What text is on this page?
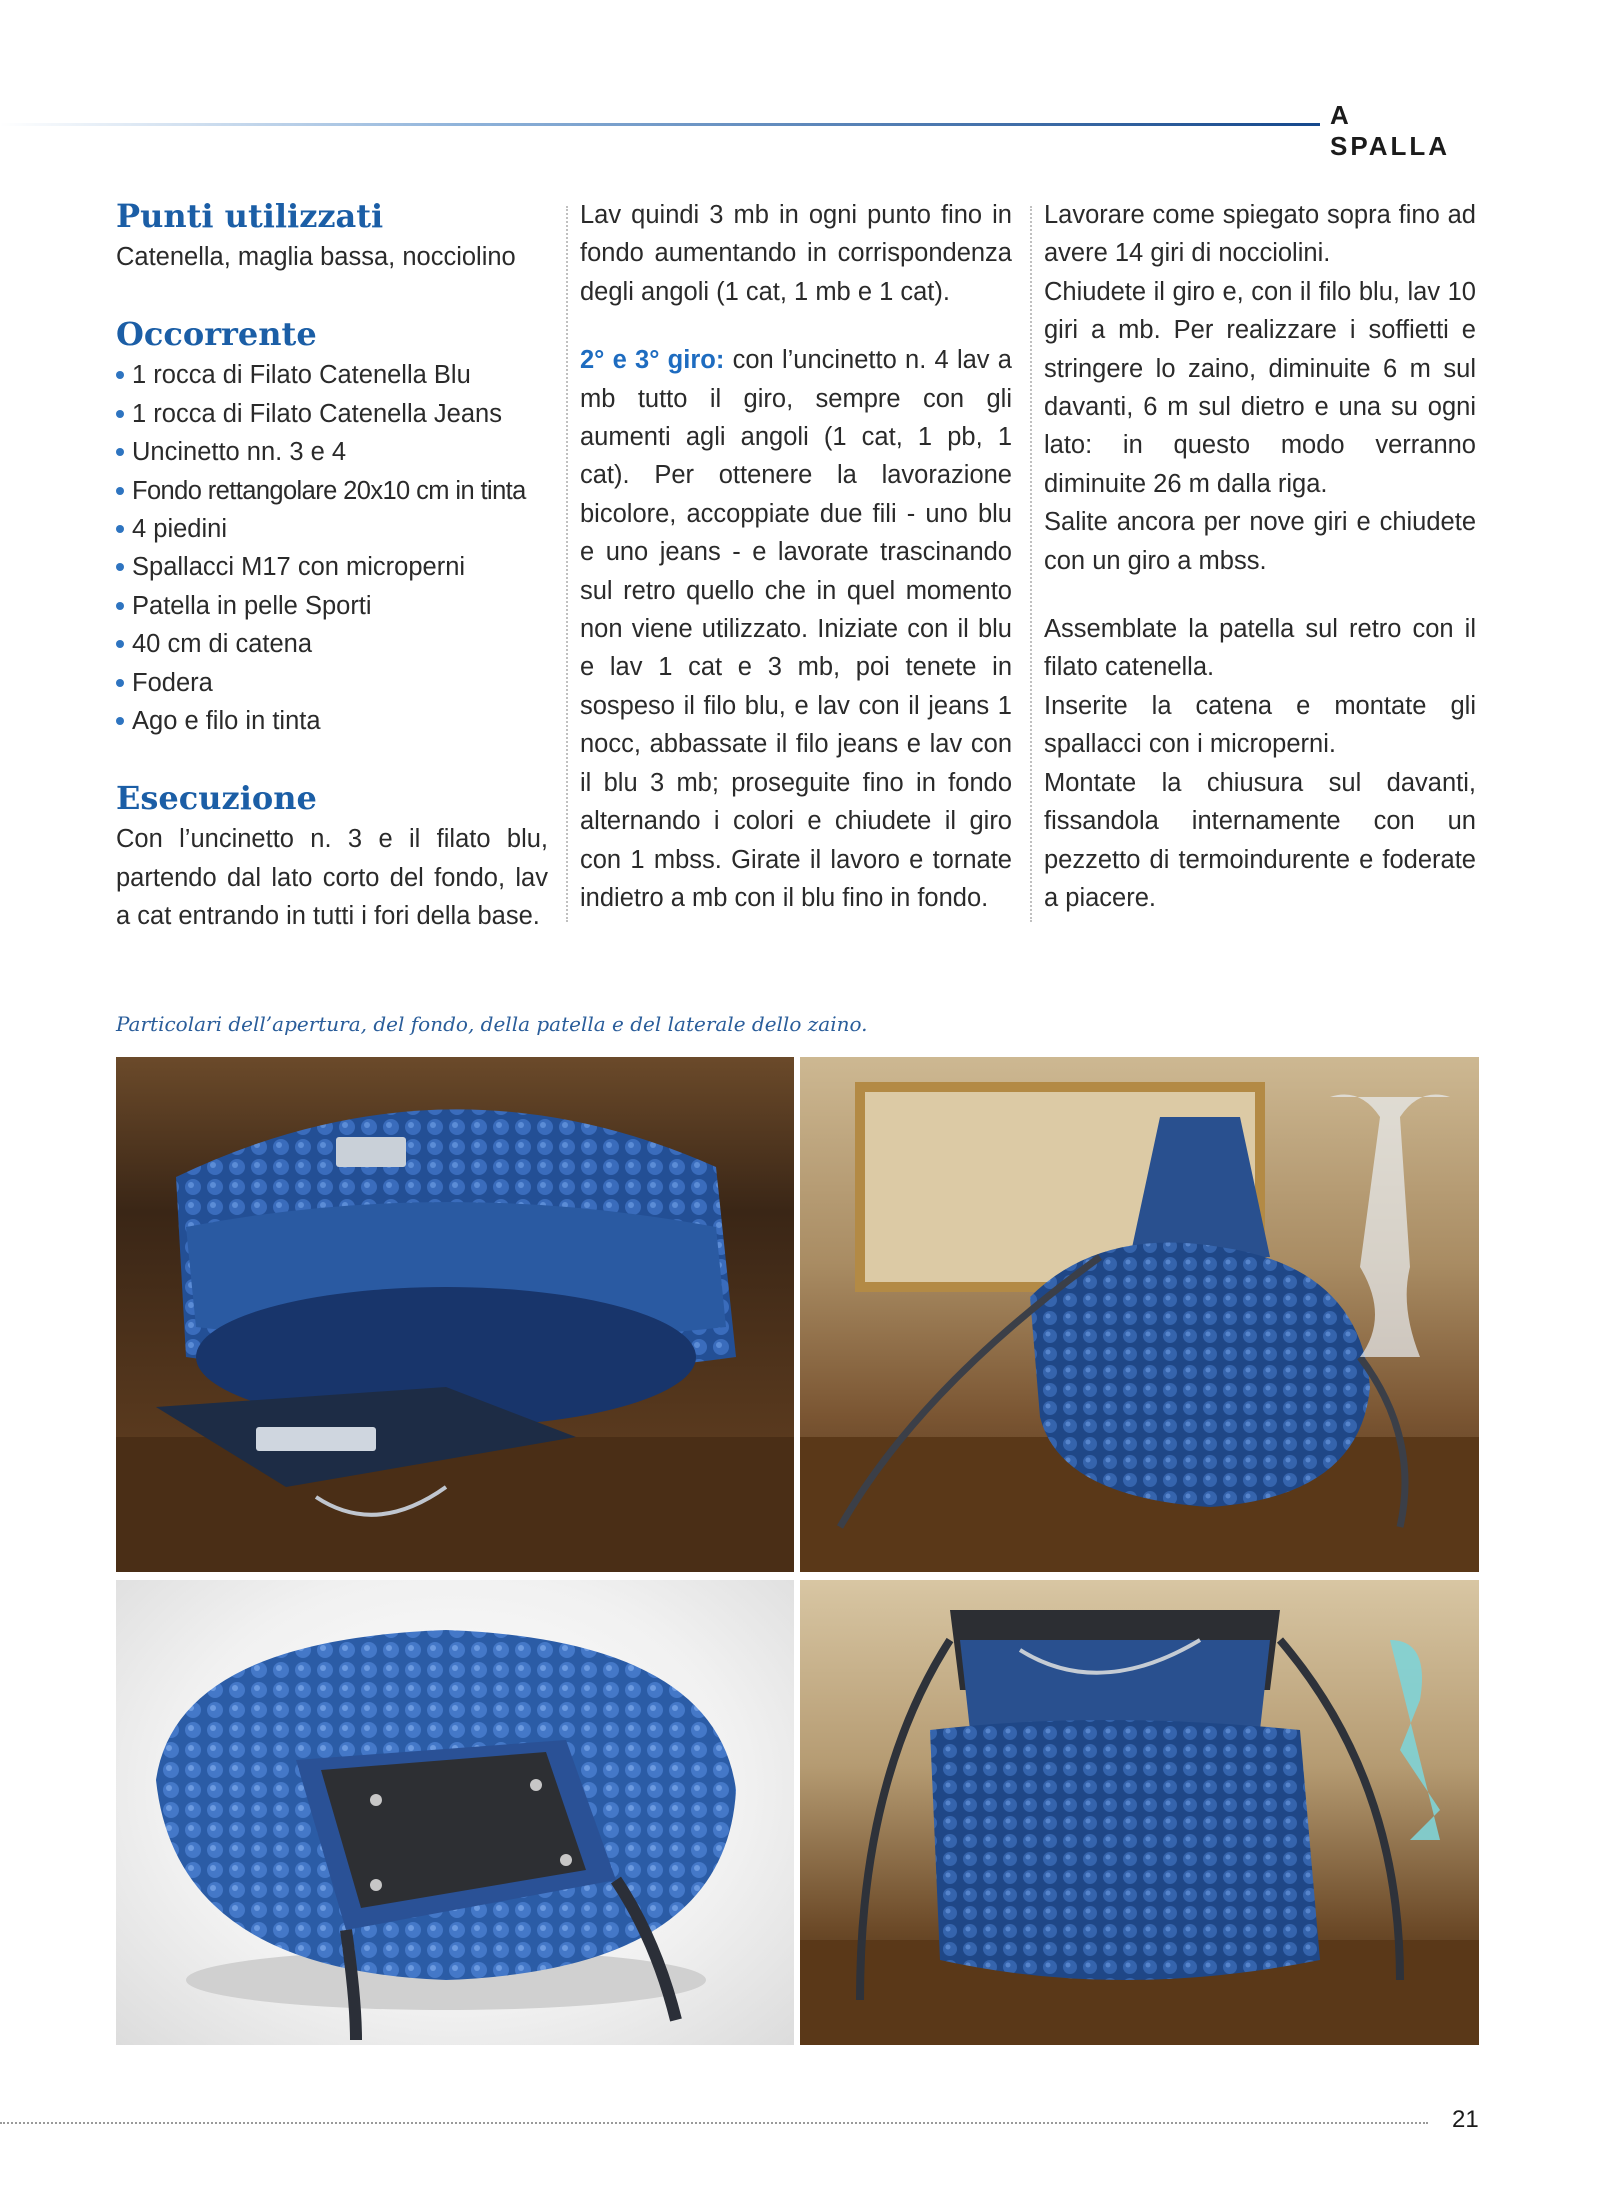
A SPALLA
Punti utilizzati

Catenella, maglia bassa, nocciolino

Occorrente
1 rocca di Filato Catenella Blu
1 rocca di Filato Catenella Jeans
Uncinetto nn. 3 e 4
Fondo rettangolare 20x10 cm in tinta
4 piedini
Spallacci M17 con microperni
Patella in pelle Sporti
40 cm di catena
Fodera
Ago e filo in tinta
Esecuzione

Con l’uncinetto n. 3 e il filato blu, partendo dal lato corto del fondo, lav a cat entrando in tutti i fori della base.

Lav quindi 3 mb in ogni punto fino in fondo aumentando in corrispondenza degli angoli (1 cat, 1 mb e 1 cat).

2° e 3° giro: con l’uncinetto n. 4 lav a mb tutto il giro, sempre con gli aumenti agli angoli (1 cat, 1 pb, 1 cat). Per ottenere la lavorazione bicolore, accoppiate due fili - uno blu e uno jeans - e lavorate trascinando sul retro quello che in quel momento non viene utilizzato. Iniziate con il blu e lav 1 cat e 3 mb, poi tenete in sospeso il filo blu, e lav con il jeans 1 nocc, abbassate il filo jeans e lav con il blu 3 mb; proseguite fino in fondo alternando i colori e chiudete il giro con 1 mbss. Girate il lavoro e tornate indietro a mb con il blu fino in fondo.

Lavorare come spiegato sopra fino ad avere 14 giri di nocciolini.

Chiudete il giro e, con il filo blu, lav 10 giri a mb. Per realizzare i soffietti e stringere lo zaino, diminuite 6 m sul davanti, 6 m sul dietro e una su ogni lato: in questo modo verranno diminuite 26 m dalla riga.

Salite ancora per nove giri e chiudete con un giro a mbss.

Assemblate la patella sul retro con il filato catenella.

Inserite la catena e montate gli spallacci con i microperni.

Montate la chiusura sul davanti, fissandola internamente con un pezzetto di termoindurente e foderate a piacere.

Particolari dell’apertura, del fondo, della patella e del laterale dello zaino.
21
